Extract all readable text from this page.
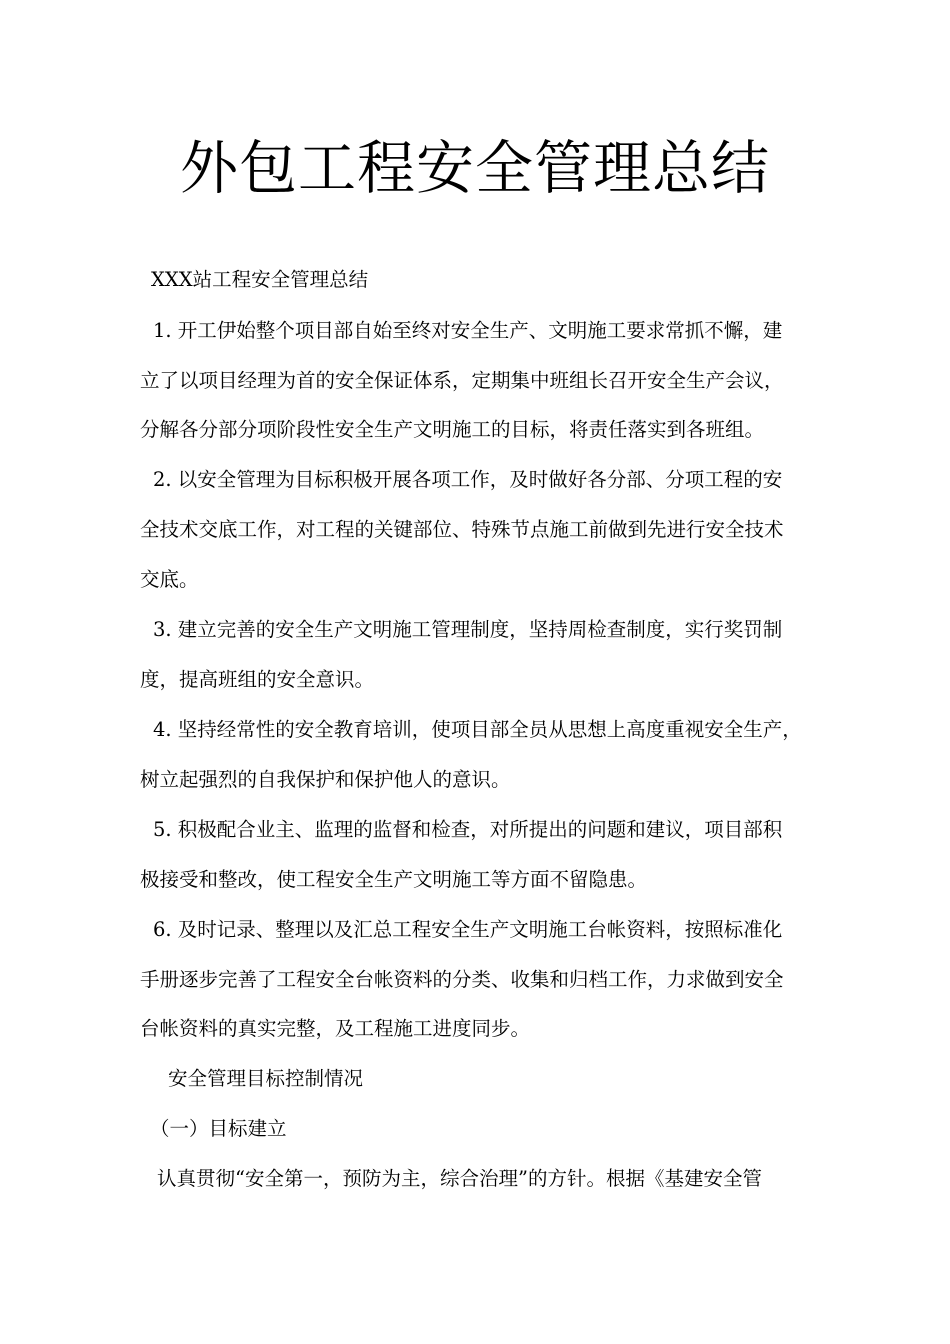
外包工程安全管理总结
XXX站工程安全管理总结
1. 开工伊始整个项目部自始至终对安全生产、文明施工要求常抓不懈，建
立了以项目经理为首的安全保证体系，定期集中班组长召开安全生产会议，
分解各分部分项阶段性安全生产文明施工的目标，将责任落实到各班组。
2. 以安全管理为目标积极开展各项工作，及时做好各分部、分项工程的安
全技术交底工作，对工程的关键部位、特殊节点施工前做到先进行安全技术
交底。
3. 建立完善的安全生产文明施工管理制度，坚持周检查制度，实行奖罚制
度，提高班组的安全意识。
4. 坚持经常性的安全教育培训，使项目部全员从思想上高度重视安全生产，
树立起强烈的自我保护和保护他人的意识。
5. 积极配合业主、监理的监督和检查，对所提出的问题和建议，项目部积
极接受和整改，使工程安全生产文明施工等方面不留隐患。
6. 及时记录、整理以及汇总工程安全生产文明施工台帐资料，按照标准化
手册逐步完善了工程安全台帐资料的分类、收集和归档工作，力求做到安全
台帐资料的真实完整，及工程施工进度同步。
安全管理目标控制情况
（一）目标建立
认真贯彻“安全第一，预防为主，综合治理”的方针。根据《基建安全管
